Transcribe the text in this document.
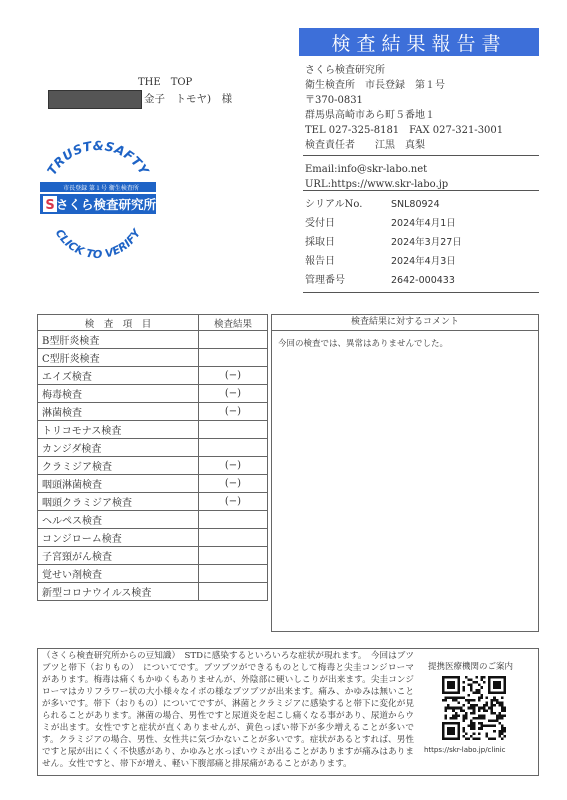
検査結果報告書
THE　TOP
金子　トモヤ)　様
TRUST&SAFTY
CLICK TO VERIFY
市長登録 第１号 衛生検査所
S さくら検査研究所
さくら検査研究所
衛生検査所　市長登録　第１号
〒370-0831
群馬県高崎市あら町５番地１
TEL 027-325-8181　FAX 027-321-3001
検査責任者　　江黒　真梨
Email:info@skr-labo.net
URL:https://www.skr-labo.jp
シリアルNo.	SNL80924
受付日	2024年4月1日
採取日	2024年3月27日
報告日	2024年4月3日
管理番号	2642-000433
検　査　項　目	検査結果
B型肝炎検査	
C型肝炎検査	
エイズ検査	(−)
梅毒検査	(−)
淋菌検査	(−)
トリコモナス検査	
カンジダ検査	
クラミジア検査	(−)
咽頭淋菌検査	(−)
咽頭クラミジア検査	(−)
ヘルペス検査	
コンジローム検査	
子宮頸がん検査	
覚せい剤検査	
新型コロナウイルス検査	
検査結果に対するコメント
今回の検査では、異常はありませんでした。
（さくら検査研究所からの豆知識）　STDに感染するといろいろな症状が現れます。　今回はブツブツと帯下（おりもの）　についてです。ブツブツができるものとして梅毒と尖圭コンジローマがあります。梅毒は痛くもかゆくもありませんが、外陰部に硬いしこりが出来ます。尖圭コンジローマはカリフラワー状の大小様々なイボの様なブツブツが出来ます。痛み、かゆみは無いことが多いです。帯下（おりもの）についてですが、淋菌とクラミジアに感染すると帯下に変化が見られることがあります。淋菌の場合、男性ですと尿道炎を起こし痛くなる事があり、尿道からウミが出ます。女性ですと症状が直くありませんが、黄色っぽい帯下が多少増えることが多いです。クラミジアの場合、男性、女性共に気づかないことが多いです。症状があるとすれば、男性ですと尿が出にくく不快感があり、かゆみと水っぽいウミが出ることがありますが痛みはありません。女性ですと、帯下が増え、軽い下腹部痛と排尿痛があることがあります。
提携医療機関のご案内
https://skr-labo.jp/clinic
